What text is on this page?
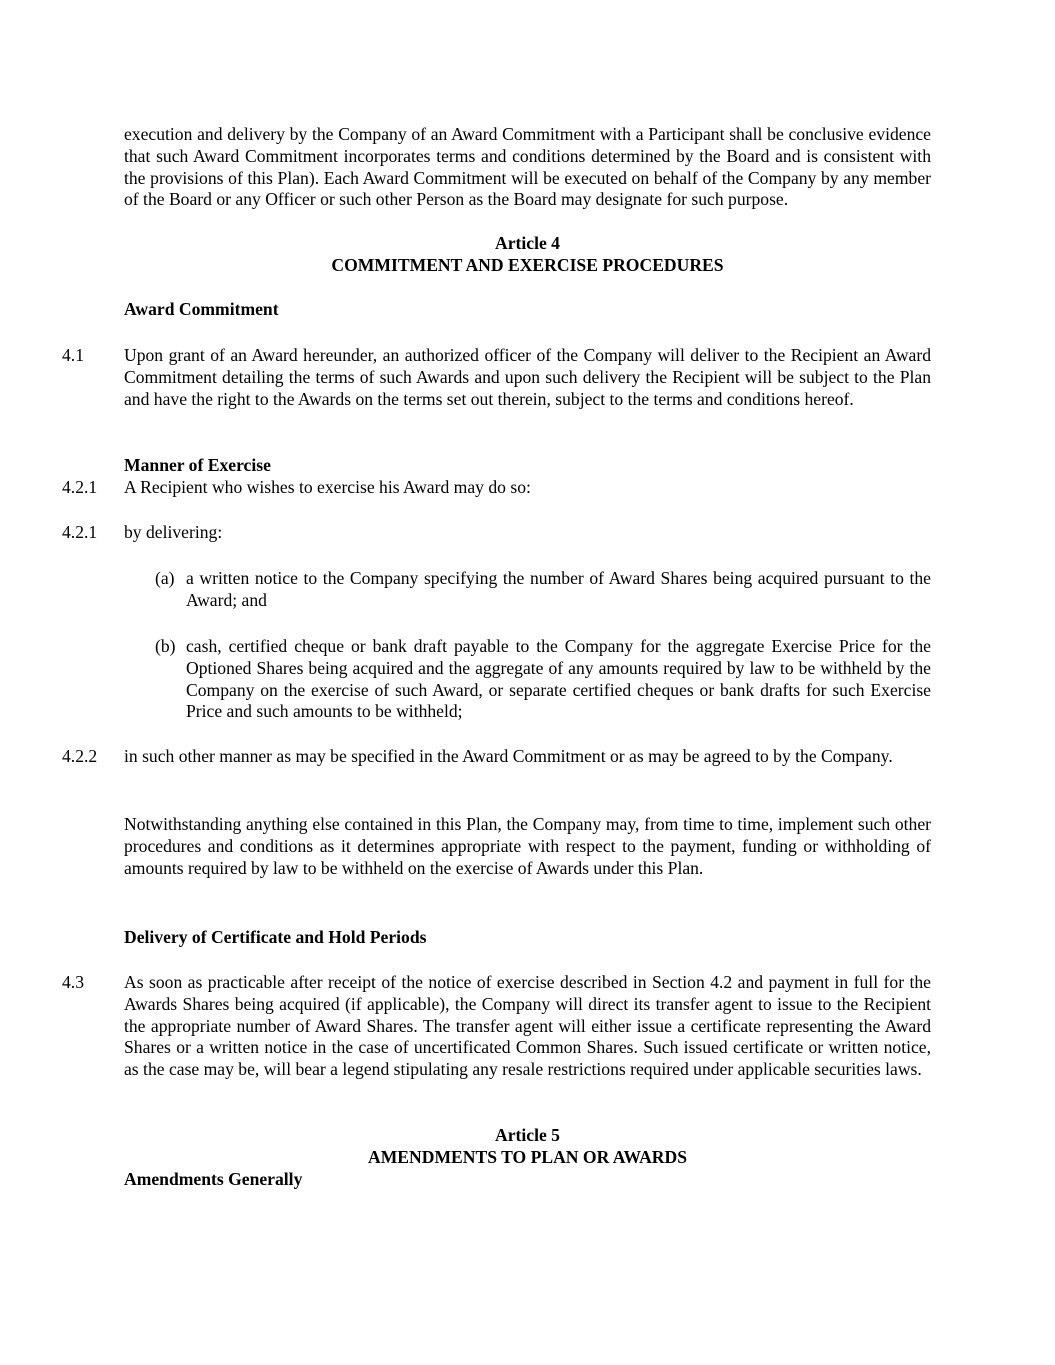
execution and delivery by the Company of an Award Commitment with a Participant shall be conclusive evidence that such Award Commitment incorporates terms and conditions determined by the Board and is consistent with the provisions of this Plan). Each Award Commitment will be executed on behalf of the Company by any member of the Board or any Officer or such other Person as the Board may designate for such purpose.

Article 4
COMMITMENT AND EXERCISE PROCEDURES
Award Commitment
4.1 Upon grant of an Award hereunder, an authorized officer of the Company will deliver to the Recipient an Award Commitment detailing the terms of such Awards and upon such delivery the Recipient will be subject to the Plan and have the right to the Awards on the terms set out therein, subject to the terms and conditions hereof.

Manner of Exercise
4.2.1 A Recipient who wishes to exercise his Award may do so:
4.2.1 by delivering:
(a) a written notice to the Company specifying the number of Award Shares being acquired pursuant to the Award; and

(b) cash, certified cheque or bank draft payable to the Company for the aggregate Exercise Price for the Optioned Shares being acquired and the aggregate of any amounts required by law to be withheld by the Company on the exercise of such Award, or separate certified cheques or bank drafts for such Exercise Price and such amounts to be withheld;

4.2.2 in such other manner as may be specified in the Award Commitment or as may be agreed to by the Company.

Notwithstanding anything else contained in this Plan, the Company may, from time to time, implement such other procedures and conditions as it determines appropriate with respect to the payment, funding or withholding of amounts required by law to be withheld on the exercise of Awards under this Plan.

Delivery of Certificate and Hold Periods
4.3 As soon as practicable after receipt of the notice of exercise described in Section 4.2 and payment in full for the Awards Shares being acquired (if applicable), the Company will direct its transfer agent to issue to the Recipient the appropriate number of Award Shares. The transfer agent will either issue a certificate representing the Award Shares or a written notice in the case of uncertificated Common Shares. Such issued certificate or written notice, as the case may be, will bear a legend stipulating any resale restrictions required under applicable securities laws.

Article 5
AMENDMENTS TO PLAN OR AWARDS
Amendments Generally
